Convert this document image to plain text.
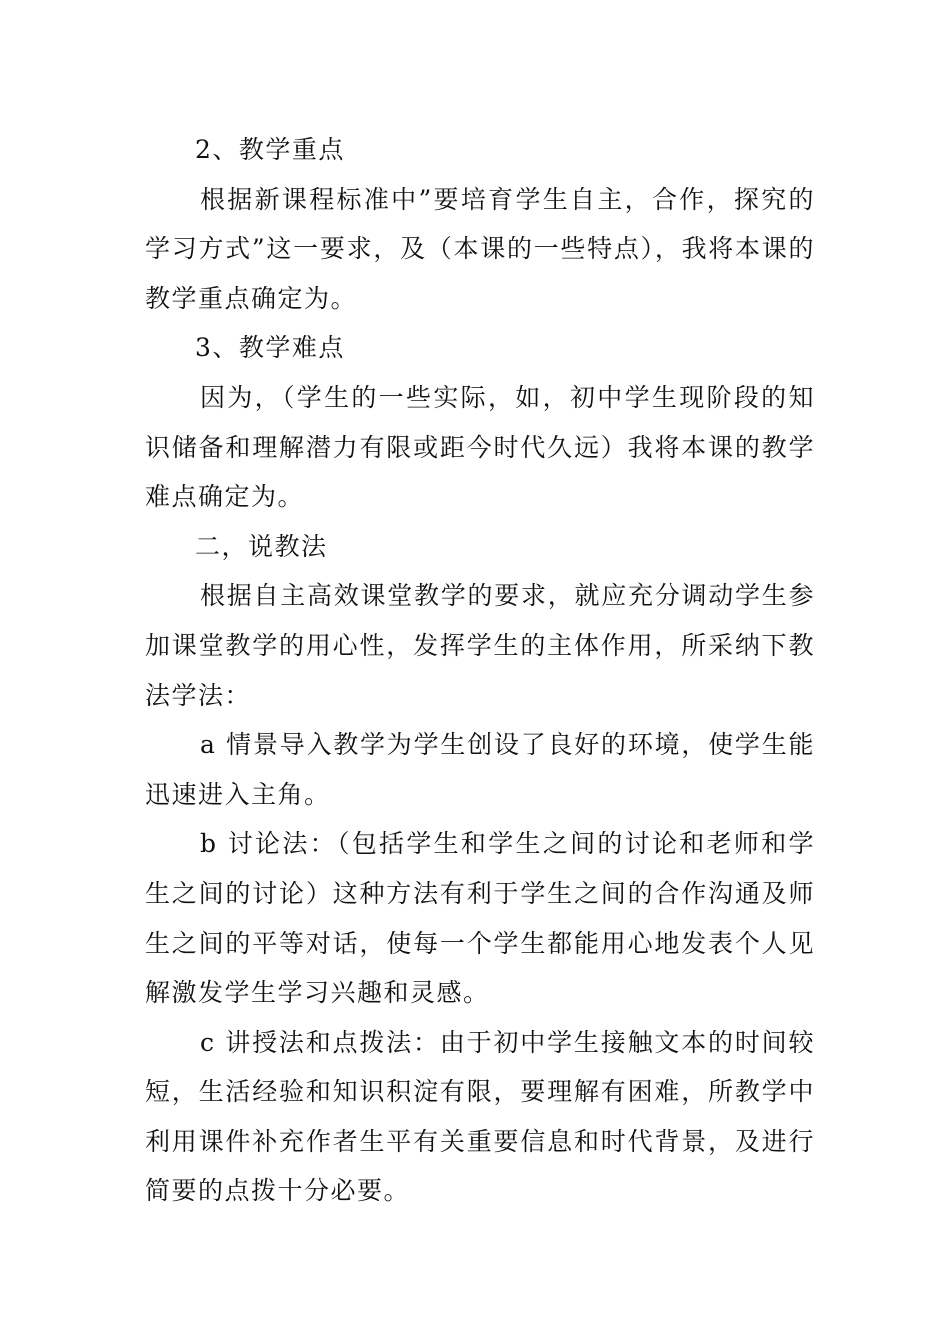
2、教学重点

根据新课程标准中”要培育学生自主，合作，探究的学习方式”这一要求，及（本课的一些特点），我将本课的教学重点确定为。

3、教学难点

因为，（学生的一些实际，如，初中学生现阶段的知识储备和理解潜力有限或距今时代久远）我将本课的教学难点确定为。

二，说教法

根据自主高效课堂教学的要求，就应充分调动学生参加课堂教学的用心性，发挥学生的主体作用，所采纳下教法学法：

a 情景导入教学为学生创设了良好的环境，使学生能迅速进入主角。

b 讨论法：（包括学生和学生之间的讨论和老师和学生之间的讨论）这种方法有利于学生之间的合作沟通及师生之间的平等对话，使每一个学生都能用心地发表个人见解激发学生学习兴趣和灵感。

c 讲授法和点拨法：由于初中学生接触文本的时间较短，生活经验和知识积淀有限，要理解有困难，所教学中利用课件补充作者生平有关重要信息和时代背景，及进行简要的点拨十分必要。
